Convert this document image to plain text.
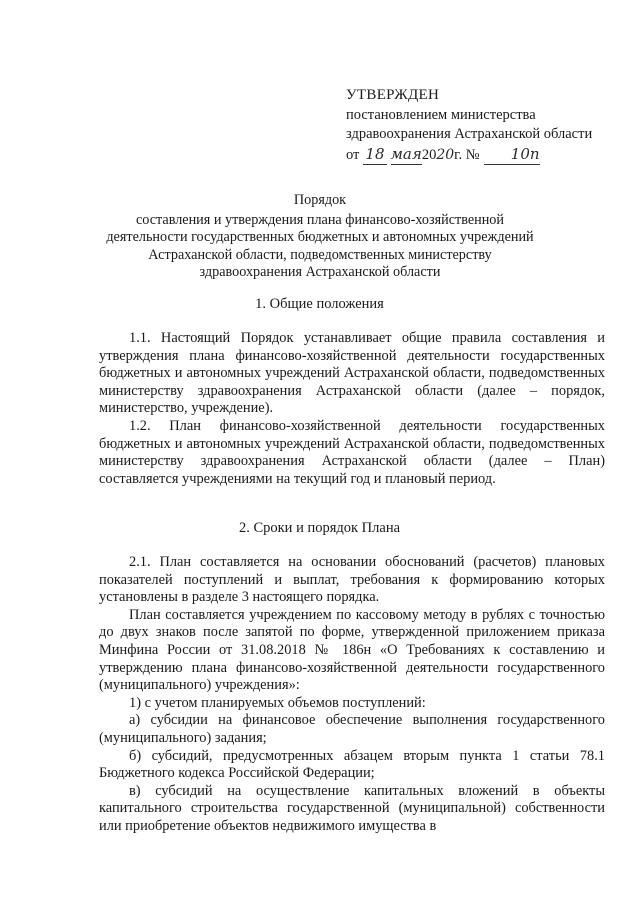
УТВЕРЖДЕН
постановлением министерства
здравоохранения Астраханской области
от 18 мая 20 20 г. №	10п
Порядок
составления и утверждения плана финансово-хозяйственной деятельности государственных бюджетных и автономных учреждений Астраханской области, подведомственных министерству здравоохранения Астраханской области
1. Общие положения

1.1. Настоящий Порядок устанавливает общие правила составления и утверждения плана финансово-хозяйственной деятельности государственных бюджетных и автономных учреждений Астраханской области, подведомственных министерству здравоохранения Астраханской области (далее – порядок, министерство, учреждение).

1.2. План финансово-хозяйственной деятельности государственных бюджетных и автономных учреждений Астраханской области, подведомственных министерству здравоохранения Астраханской области (далее – План) составляется учреждениями на текущий год и плановый период.

2. Сроки и порядок Плана

2.1. План составляется на основании обоснований (расчетов) плановых показателей поступлений и выплат, требования к формированию которых установлены в разделе 3 настоящего порядка.

План составляется учреждением по кассовому методу в рублях с точностью до двух знаков после запятой по форме, утвержденной приложением приказа Минфина России от 31.08.2018 № 186н «О Требованиях к составлению и утверждению плана финансово-хозяйственной деятельности государственного (муниципального) учреждения»:

1) с учетом планируемых объемов поступлений:

а) субсидии на финансовое обеспечение выполнения государственного (муниципального) задания;

б) субсидий, предусмотренных абзацем вторым пункта 1 статьи 78.1 Бюджетного кодекса Российской Федерации;

в) субсидий на осуществление капитальных вложений в объекты капитального строительства государственной (муниципальной) собственности или приобретение объектов недвижимого имущества в
